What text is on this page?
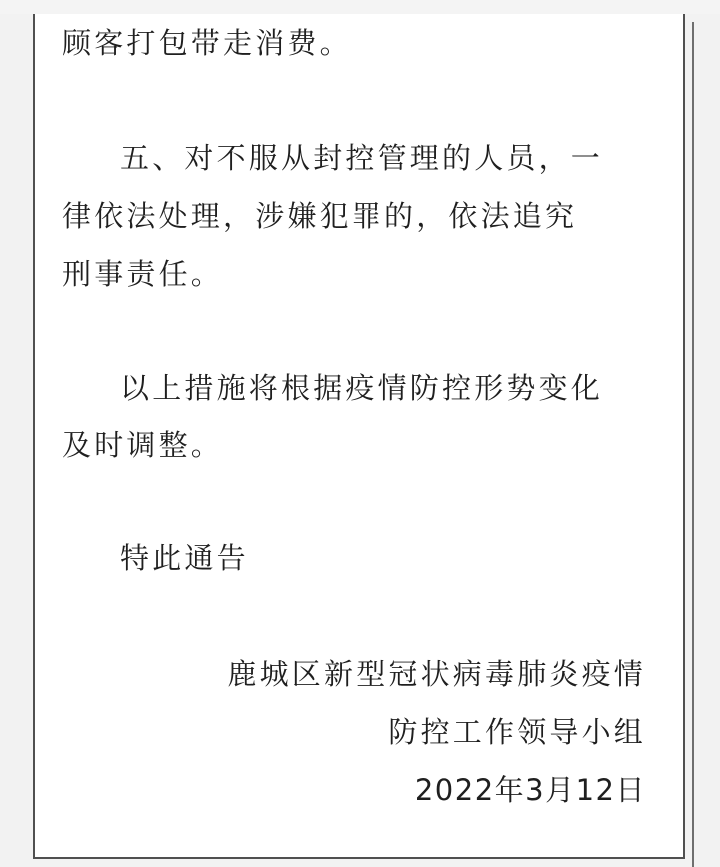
顾客打包带走消费。
五、对不服从封控管理的人员，一
律依法处理，涉嫌犯罪的，依法追究
刑事责任。
以上措施将根据疫情防控形势变化
及时调整。
特此通告
鹿城区新型冠状病毒肺炎疫情
防控工作领导小组
2022年3月12日
